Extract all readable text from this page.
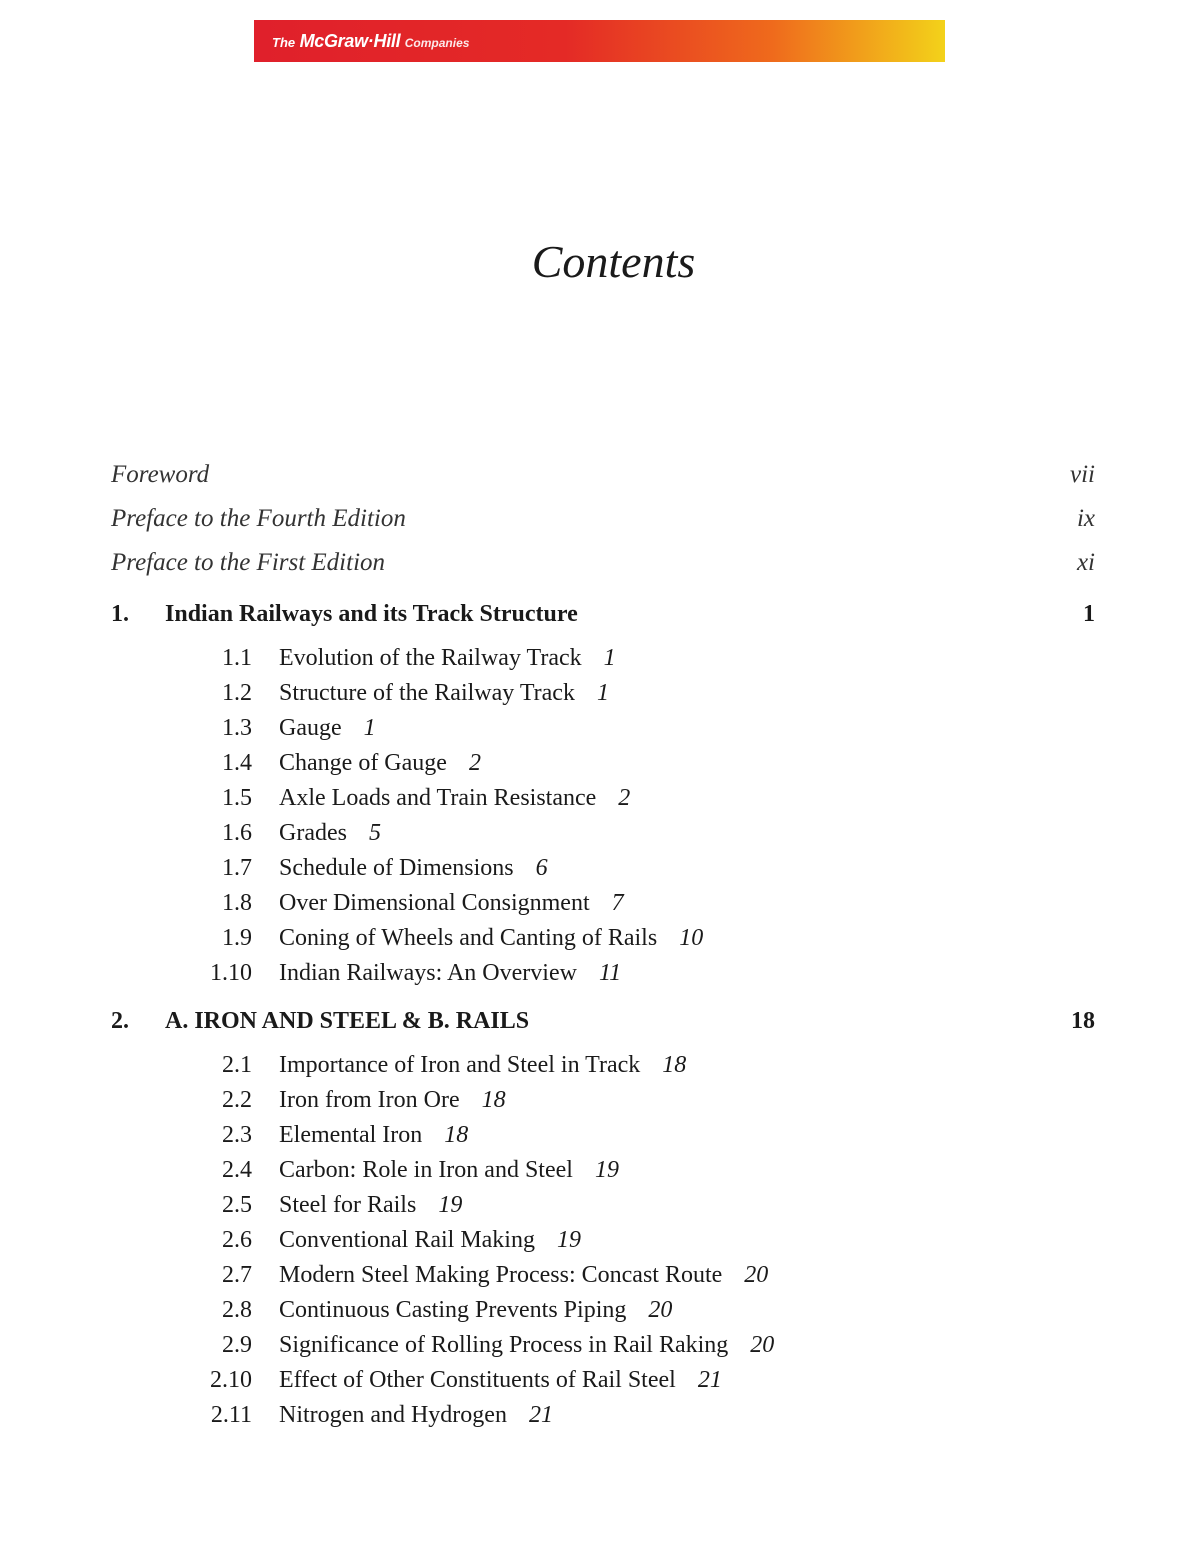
The McGraw·Hill Companies
Contents
Foreword	vii
Preface to the Fourth Edition	ix
Preface to the First Edition	xi
1. Indian Railways and its Track Structure	1
1.1 Evolution of the Railway Track 1
1.2 Structure of the Railway Track 1
1.3 Gauge 1
1.4 Change of Gauge 2
1.5 Axle Loads and Train Resistance 2
1.6 Grades 5
1.7 Schedule of Dimensions 6
1.8 Over Dimensional Consignment 7
1.9 Coning of Wheels and Canting of Rails 10
1.10 Indian Railways: An Overview 11
2. A. IRON AND STEEL & B. RAILS	18
2.1 Importance of Iron and Steel in Track 18
2.2 Iron from Iron Ore 18
2.3 Elemental Iron 18
2.4 Carbon: Role in Iron and Steel 19
2.5 Steel for Rails 19
2.6 Conventional Rail Making 19
2.7 Modern Steel Making Process: Concast Route 20
2.8 Continuous Casting Prevents Piping 20
2.9 Significance of Rolling Process in Rail Raking 20
2.10 Effect of Other Constituents of Rail Steel 21
2.11 Nitrogen and Hydrogen 21
